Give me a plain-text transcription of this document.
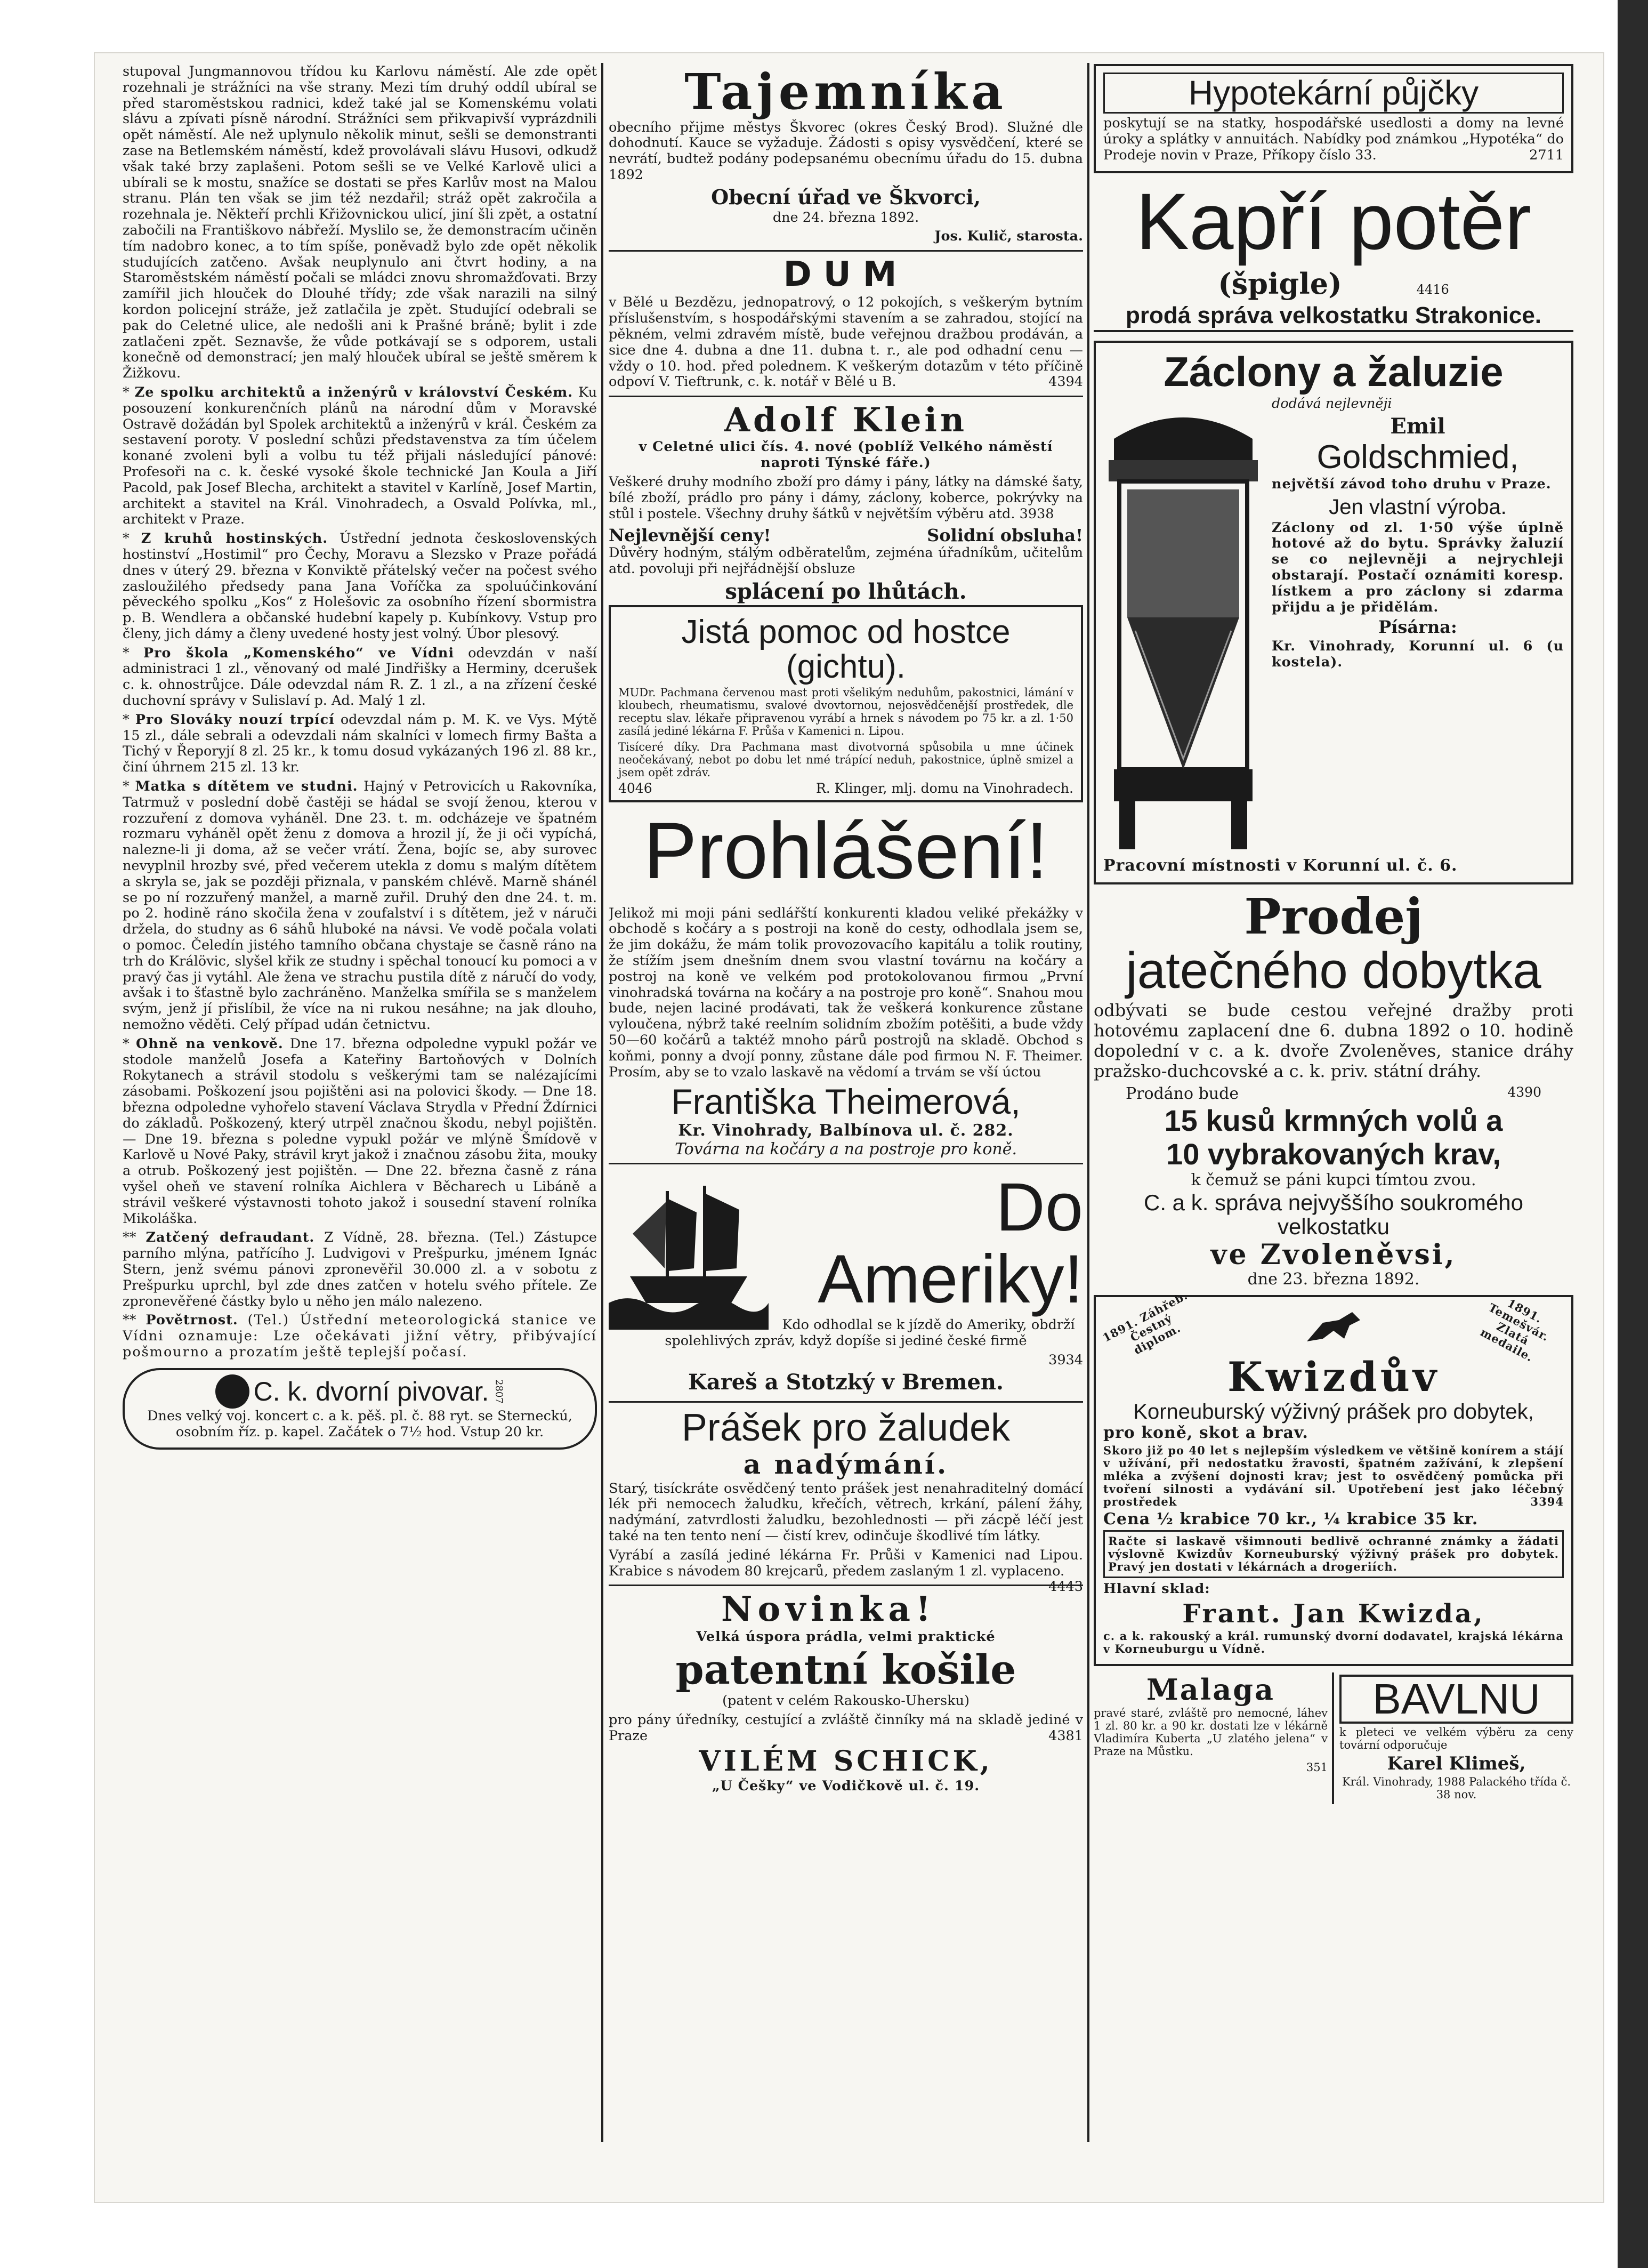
stupoval Jungmannovou třídou ku Karlovu náměstí. Ale zde opět rozehnali je strážníci na vše strany. Mezi tím druhý oddíl ubíral se před staroměstskou radnici, kdež také jal se Komenskému volati slávu a zpívati písně národní. Strážníci sem přikvapivší vyprázdnili opět náměstí. Ale než uplynulo několik minut, sešli se demonstranti zase na Betlemském náměstí, kdež provolávali slávu Husovi, odkudž však také brzy zaplašeni. Potom sešli se ve Velké Karlově ulici a ubírali se k mostu, snažíce se dostati se přes Karlův most na Malou stranu. Plán ten však se jim též nezdařil; stráž opět zakročila a rozehnala je. Někteří prchli Křižovnickou ulicí, jiní šli zpět, a ostatní zabočili na Františkovo nábřeží. Myslilo se, že demonstracím učiněn tím nadobro konec, a to tím spíše, poněvadž bylo zde opět několik studujících zatčeno. Avšak neuplynulo ani čtvrt hodiny, a na Staroměstském náměstí počali se mládci znovu shromažďovati. Brzy zamířil jich hlouček do Dlouhé třídy; zde však narazili na silný kordon policejní stráže, jež zatlačila je zpět. Studující odebrali se pak do Celetné ulice, ale nedošli ani k Prašné bráně; bylit i zde zatlačeni zpět. Seznavše, že vůde potkávají se s odporem, ustali konečně od demonstrací; jen malý hlouček ubíral se ještě směrem k Žižkovu.

* Ze spolku architektů a inženýrů v království Českém. Ku posouzení konkurenčních plánů na národní dům v Moravské Ostravě dožádán byl Spolek architektů a inženýrů v král. Českém za sestavení poroty. V poslední schůzi představenstva za tím účelem konané zvoleni byli a volbu tu též přijali následující pánové: Profesoři na c. k. české vysoké škole technické Jan Koula a Jiří Pacold, pak Josef Blecha, architekt a stavitel v Karlíně, Josef Martin, architekt a stavitel na Král. Vinohradech, a Osvald Polívka, ml., architekt v Praze.

* Z kruhů hostinských. Ústřední jednota československých hostinství „Hostimil“ pro Čechy, Moravu a Slezsko v Praze pořádá dnes v úterý 29. března v Konviktě přátelský večer na počest svého zasloužilého předsedy pana Jana Voříčka za spoluúčinkování pěveckého spolku „Kos“ z Holešovic za osobního řízení sbormistra p. B. Wendlera a občanské hudební kapely p. Kubínkovy. Vstup pro členy, jich dámy a členy uvedené hosty jest volný. Úbor plesový.

* Pro škola „Komenského“ ve Vídni odevzdán v naší administraci 1 zl., věnovaný od malé Jindřišky a Herminy, dcerušek c. k. ohnostrůjce. Dále odevzdal nám R. Z. 1 zl., a na zřízení české duchovní správy v Sulislaví p. Ad. Malý 1 zl.

* Pro Slováky nouzí trpící odevzdal nám p. M. K. ve Vys. Mýtě 15 zl., dále sebrali a odevzdali nám skalníci v lomech firmy Bašta a Tichý v Řeporyjí 8 zl. 25 kr., k tomu dosud vykázaných 196 zl. 88 kr., činí úhrnem 215 zl. 13 kr.

* Matka s dítětem ve studni. Hajný v Petrovicích u Rakovníka, Tatrmuž v poslední době častěji se hádal se svojí ženou, kterou v rozzuření z domova vyháněl. Dne 23. t. m. odcházeje ve špatném rozmaru vyháněl opět ženu z domova a hrozil jí, že ji oči vypíchá, nalezne-li ji doma, až se večer vrátí. Žena, bojíc se, aby surovec nevyplnil hrozby své, před večerem utekla z domu s malým dítětem a skryla se, jak se později přiznala, v panském chlévě. Marně shánél se po ní rozzuřený manžel, a marně zuřil. Druhý den dne 24. t. m. po 2. hodině ráno skočila žena v zoufalství i s dítětem, jež v náruči držela, do studny as 6 sáhů hluboké na návsi. Ve vodě počala volati o pomoc. Čeledín jistého tamního občana chystaje se časně ráno na trh do Králövic, slyšel křik ze studny i spěchal tonoucí ku pomoci a v pravý čas ji vytáhl. Ale žena ve strachu pustila dítě z náručí do vody, avšak i to šťastně bylo zachráněno. Manželka smířila se s manželem svým, jenž jí přislíbil, že více na ni rukou nesáhne; na jak dlouho, nemožno věděti. Celý případ udán četnictvu.

* Ohně na venkově. Dne 17. března odpoledne vypukl požár ve stodole manželů Josefa a Kateřiny Bartoňových v Dolních Rokytanech a strávil stodolu s veškerými tam se nalézajícími zásobami. Poškození jsou pojištěni asi na polovici škody. — Dne 18. března odpoledne vyhořelo stavení Václava Strydla v Přední Ždírnici do základů. Poškozený, který utrpěl značnou škodu, nebyl pojištěn. — Dne 19. března s poledne vypukl požár ve mlýně Šmídově v Karlově u Nové Paky, strávil kryt jakož i značnou zásobu žita, mouky a otrub. Poškozený jest pojištěn. — Dne 22. března časně z rána vyšel oheň ve stavení rolníka Aichlera v Běcharech u Libáně a strávil veškeré výstavnosti tohoto jakož i sousední stavení rolníka Mikoláška.

** Zatčený defraudant. Z Vídně, 28. března. (Tel.) Zástupce parního mlýna, patřícího J. Ludvigovi v Prešpurku, jménem Ignác Stern, jenž svému pánovi zpronevěřil 30.000 zl. a v sobotu z Prešpurku uprchl, byl zde dnes zatčen v hotelu svého přítele. Ze zpronevěřené částky bylo u něho jen málo nalezeno.

** Povětrnost. (Tel.) Ústřední meteorologická stanice ve Vídni oznamuje: Lze očekávati jižní větry, přibývající pošmourno a prozatím ještě teplejší počasí.

C. k. dvorní pivovar. 2807

Dnes velký voj. koncert c. a k. pěš. pl. č. 88 ryt. se Sterneckú, osobním říz. p. kapel. Začátek o 7½ hod. Vstup 20 kr.

Tajemníka

obecního přijme městys Škvorec (okres Český Brod). Služné dle dohodnutí. Kauce se vyžaduje. Žádosti s opisy vysvědčení, které se nevrátí, budtež podány podepsanému obecnímu úřadu do 15. dubna 1892

Obecní úřad ve Škvorci,

dne 24. března 1892.

Jos. Kulič, starosta.

DUM

v Bělé u Bezdězu, jednopatrový, o 12 pokojích, s veškerým bytním příslušenstvím, s hospodářskými stavením a se zahradou, stojící na pěkném, velmi zdravém místě, bude veřejnou dražbou prodáván, a sice dne 4. dubna a dne 11. dubna t. r., ale pod odhadní cenu — vždy o 10. hod. před polednem. K veškerým dotazům v této příčině odpoví V. Tieftrunk, c. k. notář v Bělé u B.	4394

Adolf Klein

v Celetné ulici čís. 4. nové (poblíž Velkého náměstí naproti Týnské fáře.)

Veškeré druhy modního zboží pro dámy i pány, látky na dámské šaty, bílé zboží, prádlo pro pány i dámy, záclony, koberce, pokrývky na stůl i postele. Všechny druhy šátků v největším výběru atd. 3938

Nejlevnější ceny!	Solidní obsluha!

Důvěry hodným, stálým odběratelům, zejména úřadníkům, učitelům atd. povoluji při nejřádnější obsluze

splácení po lhůtách.
Jistá pomoc od hostce (gichtu).

MUDr. Pachmana červenou mast proti všelikým neduhům, pakostnici, lámání v kloubech, rheumatismu, svalové dvovtornou, nejosvědčenější prostředek, dle receptu slav. lékaře připravenou vyrábí a hrnek s návodem po 75 kr. a zl. 1·50 zasílá jediné lékárna F. Průša v Kamenici n. Lipou.

Tisíceré díky. Dra Pachmana mast divotvorná spůsobila u mne účinek neočekávaný, nebot po dobu let nmé trápící neduh, pakostnice, úplně smizel a jsem opět zdráv.

4046	R. Klinger, mlj. domu na Vinohradech.
Prohlášení!

Jelikož mi moji páni sedlářští konkurenti kladou veliké překážky v obchodě s kočáry a s postroji na koně do cesty, odhodlala jsem se, že jim dokážu, že mám tolik provozovacího kapitálu a tolik routiny, že stížím jsem dnešním dnem svou vlastní továrnu na kočáry a postroj na koně ve velkém pod protokolovanou firmou „První vinohradská továrna na kočáry a na postroje pro koně“. Snahou mou bude, nejen laciné prodávati, tak že veškerá konkurence zůstane vyloučena, nýbrž také reelním solidním zbožím potěšiti, a bude vždy 50—60 kočárů a taktéž mnoho párů postrojů na skladě. Obchod s koňmi, ponny a dvojí ponny, zůstane dále pod firmou N. F. Theimer. Prosím, aby se to vzalo laskavě na vědomí a trvám se vší úctou

Františka Theimerová,

Kr. Vinohrady, Balbínova ul. č. 282.

Továrna na kočáry a na postroje pro koně.

Do Ameriky!

Kdo odhodlal se k jízdě do Ameriky, obdrží spolehlivých zpráv, když dopíše si jediné české firmě

3934

Kareš a Stotzký v Bremen.
Prášek pro žaludek
a nadýmání.

Starý, tisíckráte osvědčený tento prášek jest nenahraditelný domácí lék při nemocech žaludku, křečích, větrech, krkání, pálení žáhy, nadýmání, zatvrdlosti žaludku, bezohlednosti — při zácpě léčí jest také na ten tento není — čistí krev, odinčuje škodlivé tím látky.

Vyrábí a zasílá jediné lékárna Fr. Průši v Kamenici nad Lipou. Krabice s návodem 80 krejcarů, předem zaslaným 1 zl. vyplaceno.
4443

Novinka!

Velká úspora prádla, velmi praktické

patentní košile

(patent v celém Rakousko-Uhersku)

pro pány úředníky, cestující a zvláště činníky má na skladě jediné v Praze	4381

VILÉM SCHICK,

„U Češky“ ve Vodičkově ul. č. 19.

Hypotekární půjčky

poskytují se na statky, hospodářské usedlosti a domy na levné úroky a splátky v annuitách. Nabídky pod známkou „Hypotéka“ do Prodeje novin v Praze, Příkopy číslo 33.	2711

Kapří potěr
(špigle)	4416
prodá správa velkostatku Strakonice.
Záclony a žaluzie

dodává nejlevněji

Emil
Goldschmied,

největší závod toho druhu v Praze.

Jen vlastní výroba.

Záclony od zl. 1·50 výše úplně hotové až do bytu. Správky žaluzií se co nejlevněji a nejrychleji obstarají. Postačí oznámiti koresp. lístkem a pro záclony si zdarma přijdu a je přidělám.

Písárna:

Kr. Vinohrady, Korunní ul. 6 (u kostela).

Pracovní místnosti v Korunní ul. č. 6.

Prodej
jatečného dobytka

odbývati se bude cestou veřejné dražby proti hotovému zaplacení dne 6. dubna 1892 o 10. hodině dopolední v c. a k. dvoře Zvoleněves, stanice dráhy pražsko-duchcovské a c. k. priv. státní dráhy.

Prodáno bude	4390
15 kusů krmných volů a
10 vybrakovaných krav,

k čemuž se páni kupci tímtou zvou.

C. a k. správa nejvyššího soukromého velkostatku
ve Zvoleněvsi,

dne 23. března 1892.

1891. Záhřeb. Čestný diplom.
1891. Temešvár. Zlatá medaile.
Kwizdův
Korneuburský výživný prášek pro dobytek,

pro koně, skot a brav.

Skoro již po 40 let s nejlepším výsledkem ve většině konírem a stájí v užívání, při nedostatku žravosti, špatném zažívání, k zlepšení mléka a zvýšení dojnosti krav; jest to osvědčený pomůcka při tvoření silnosti a vydávání sil. Upotřebení jest jako léčebný prostředek	3394

Cena ½ krabice 70 kr., ¼ krabice 35 kr.

Račte si laskavě všimnouti bedlivě ochranné známky a žádati výslovně Kwizdův Korneuburský výživný prášek pro dobytek. Pravý jen dostati v lékárnách a drogeriích.

Hlavní sklad:

Frant. Jan Kwizda,

c. a k. rakouský a král. rumunský dvorní dodavatel, krajská lékárna v Korneuburgu u Vídně.

Malaga

pravé staré, zvláště pro nemocné, láhev 1 zl. 80 kr. a 90 kr. dostati lze v lékárně Vladimíra Kuberta „U zlatého jelena“ v Praze na Můstku.

351

BAVLNU

k pleteci ve velkém výběru za ceny tovární odporučuje

Karel Klimeš,

Král. Vinohrady, 1988 Palackého třída č. 38 nov.
